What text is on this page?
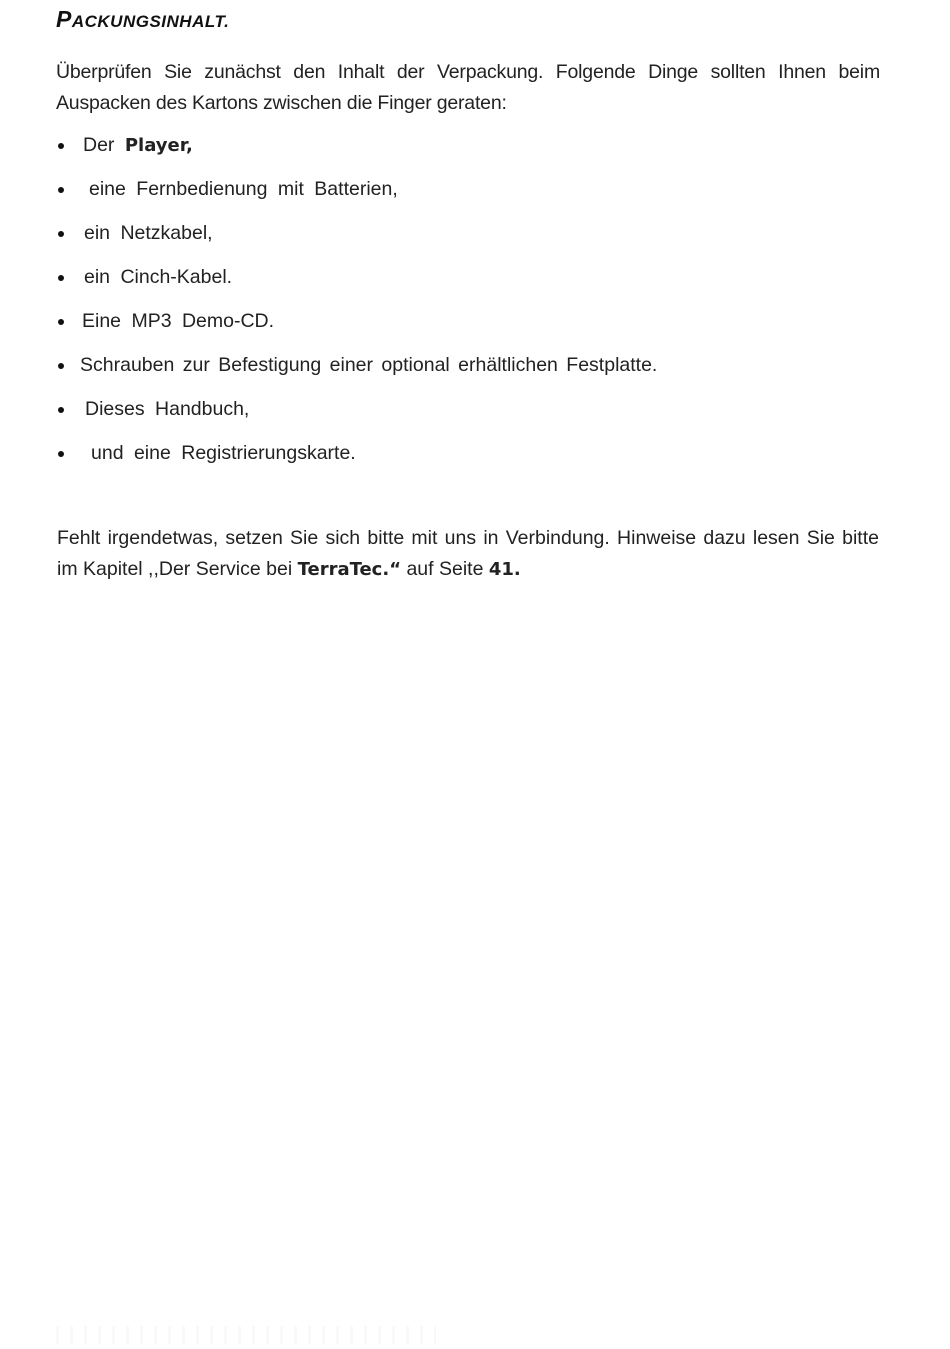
PACKUNGSINHALT.

Überprüfen Sie zunächst den Inhalt der Verpackung. Folgende Dinge sollten Ihnen beim Auspacken des Kartons zwischen die Finger geraten:

Der Player,
eine Fernbedienung mit Batterien,
ein Netzkabel,
ein Cinch-Kabel.
Eine MP3 Demo-CD.
Schrauben zur Befestigung einer optional erhältlichen Festplatte.
Dieses Handbuch,
und eine Registrierungskarte.

Fehlt irgendetwas, setzen Sie sich bitte mit uns in Verbindung. Hinweise dazu lesen Sie bitte im Kapitel ,,Der Service bei TerraTec.“ auf Seite 41.
